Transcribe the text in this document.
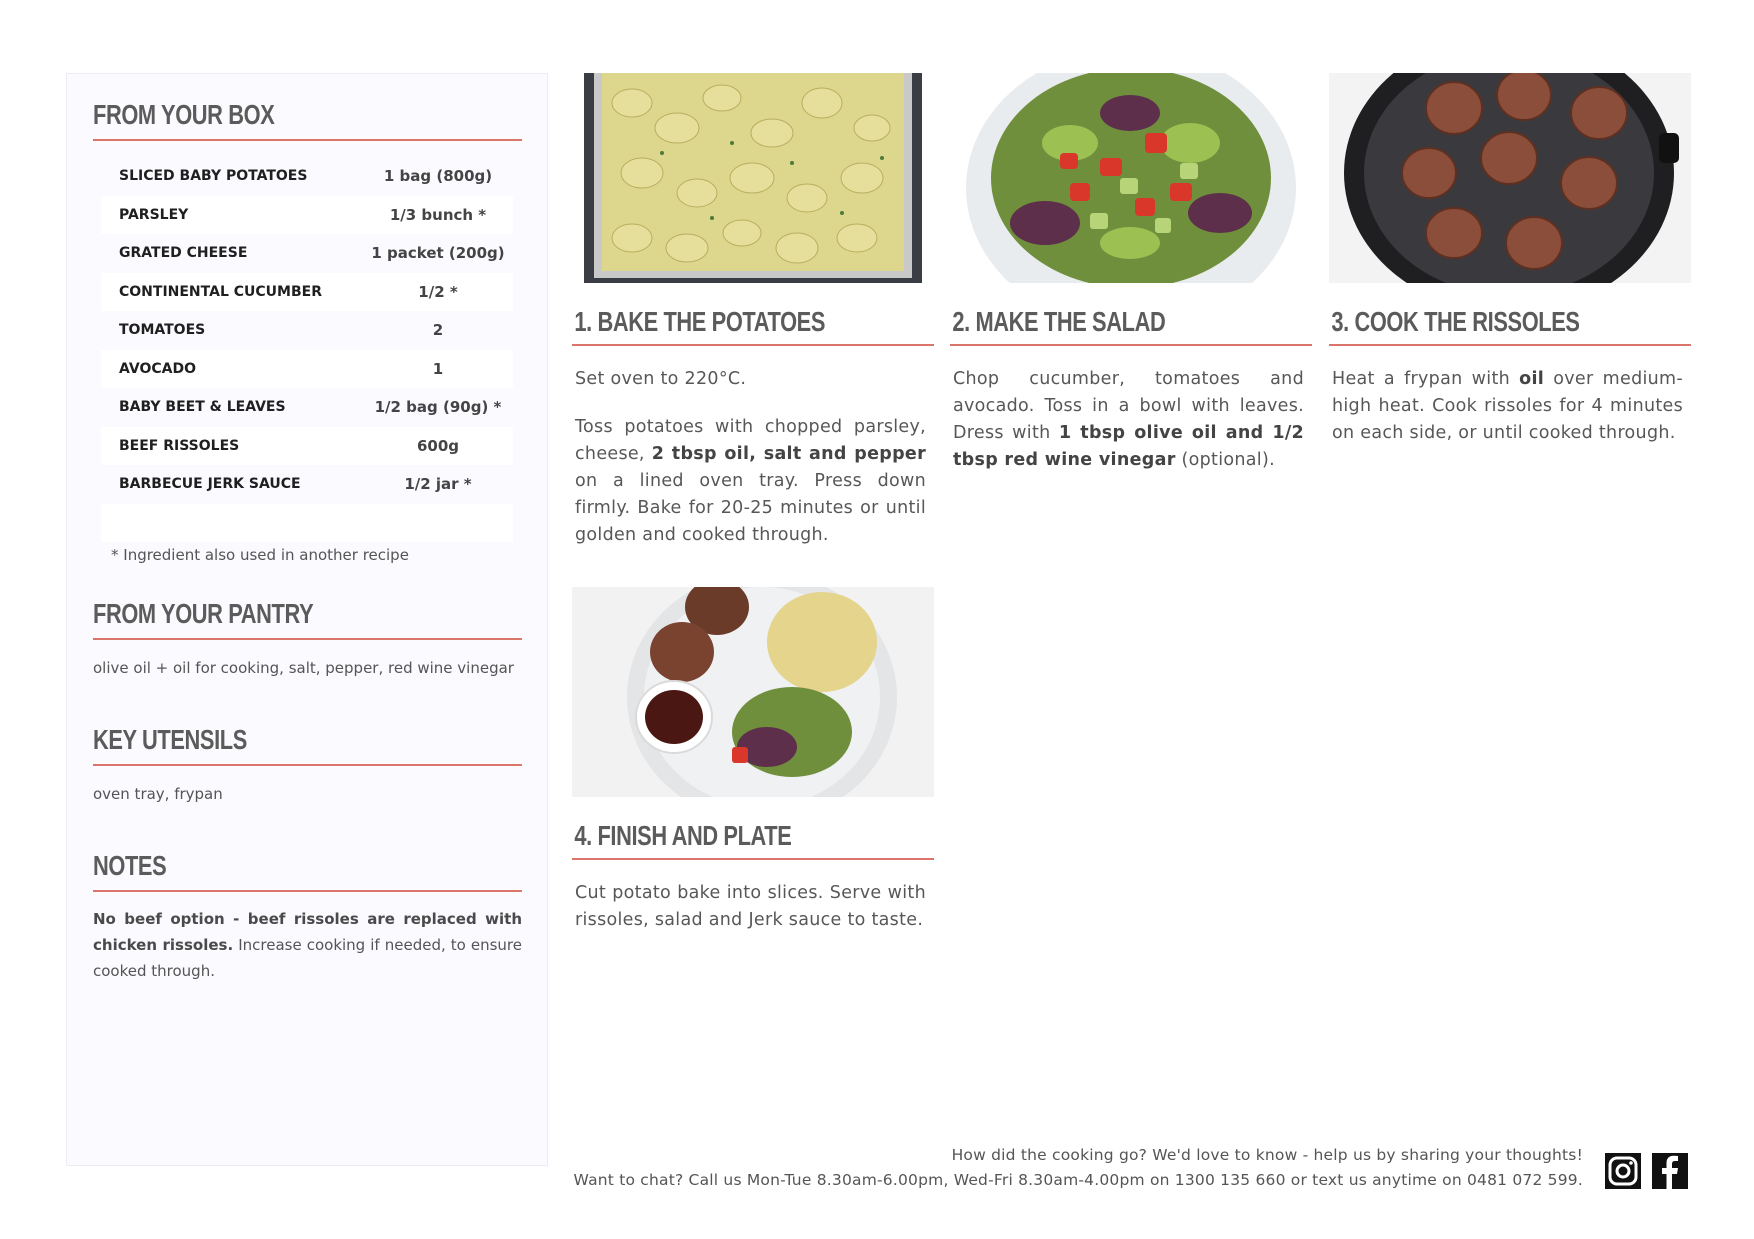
FROM YOUR BOX
SLICED BABY POTATOES	1 bag (800g)
PARSLEY	1/3 bunch *
GRATED CHEESE	1 packet (200g)
CONTINENTAL CUCUMBER	1/2 *
TOMATOES	2
AVOCADO	1
BABY BEET & LEAVES	1/2 bag (90g) *
BEEF RISSOLES	600g
BARBECUE JERK SAUCE	1/2 jar *

* Ingredient also used in another recipe
FROM YOUR PANTRY
olive oil + oil for cooking, salt, pepper, red wine vinegar
KEY UTENSILS
oven tray, frypan
NOTES
No beef option - beef rissoles are replaced with chicken rissoles. Increase cooking if needed, to ensure cooked through.
1. BAKE THE POTATOES

Set oven to 220°C.

Toss potatoes with chopped parsley, cheese, 2 tbsp oil, salt and pepper on a lined oven tray. Press down firmly. Bake for 20-25 minutes or until golden and cooked through.

2. MAKE THE SALAD

Chop cucumber, tomatoes and avocado. Toss in a bowl with leaves. Dress with 1 tbsp olive oil and 1/2 tbsp red wine vinegar (optional).

3. COOK THE RISSOLES

Heat a frypan with oil over medium-high heat. Cook rissoles for 4 minutes on each side, or until cooked through.

4. FINISH AND PLATE

Cut potato bake into slices. Serve with rissoles, salad and Jerk sauce to taste.

How did the cooking go? We'd love to know - help us by sharing your thoughts!
Want to chat? Call us Mon-Tue 8.30am-6.00pm, Wed-Fri 8.30am-4.00pm on 1300 135 660 or text us anytime on 0481 072 599.
